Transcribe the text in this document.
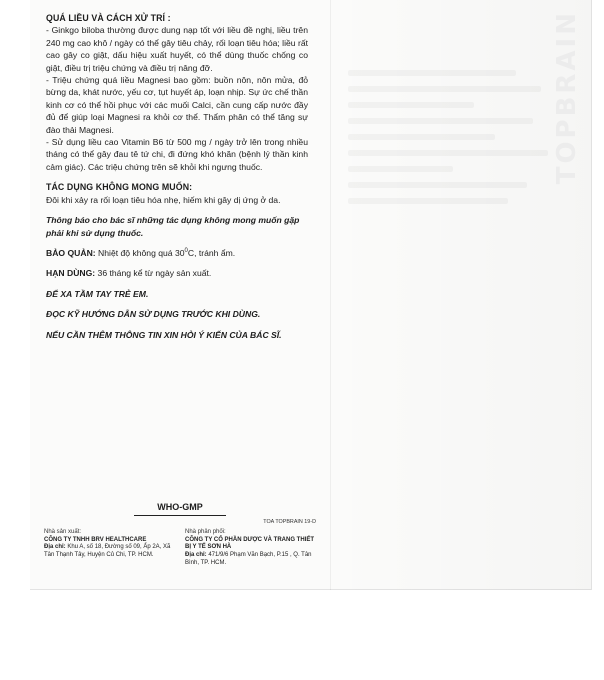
TOPBRAIN

QUÁ LIỀU VÀ CÁCH XỬ TRÍ :

- Ginkgo biloba thường được dung nạp tốt với liều đề nghị, liều trên 240 mg cao khô / ngày có thể gây tiêu chảy, rối loạn tiêu hóa; liều rất cao gây co giật, dấu hiệu xuất huyết, có thể dùng thuốc chống co giật, điều trị triệu chứng và điều trị nâng đỡ.

- Triệu chứng quá liều Magnesi bao gồm: buồn nôn, nôn mửa, đỏ bừng da, khát nước, yếu cơ, tụt huyết áp, loạn nhịp. Sự ức chế thần kinh cơ có thể hồi phục với các muối Calci, cần cung cấp nước đầy đủ để giúp loại Magnesi ra khỏi cơ thể. Thẩm phân có thể tăng sự đào thải Magnesi.

- Sử dụng liều cao Vitamin B6 từ 500 mg / ngày trở lên trong nhiều tháng có thể gây đau tê tứ chi, đi đứng khó khăn (bệnh lý thần kinh cảm giác). Các triệu chứng trên sẽ khỏi khi ngưng thuốc.

TÁC DỤNG KHÔNG MONG MUỐN:

Đôi khi xảy ra rối loạn tiêu hóa nhẹ, hiếm khi gây dị ứng ở da.

Thông báo cho bác sĩ những tác dụng không mong muốn gặp phải khi sử dụng thuốc.

BẢO QUẢN: Nhiệt độ không quá $30^0C$, tránh ẩm.

HẠN DÙNG: 36 tháng kể từ ngày sản xuất.

ĐỂ XA TẦM TAY TRẺ EM.

ĐỌC KỸ HƯỚNG DẪN SỬ DỤNG TRƯỚC KHI DÙNG.

NẾU CẦN THÊM THÔNG TIN XIN HỎI Ý KIẾN CỦA BÁC SĨ.

WHO-GMP
TOA TOPBRAIN 19-D
Nhà sản xuất:
CÔNG TY TNHH BRV HEALTHCARE
Địa chỉ: Khu A, số 18, Đường số 09, Ấp 2A, Xã Tân Thạnh Tây, Huyện Củ Chi, TP. HCM.
Nhà phân phối:
CÔNG TY CỔ PHẦN DƯỢC VÀ TRANG THIẾT BỊ Y TẾ SƠN HÀ
Địa chỉ: 471/9/6 Phạm Văn Bạch, P.15 , Q. Tân Bình, TP. HCM.
